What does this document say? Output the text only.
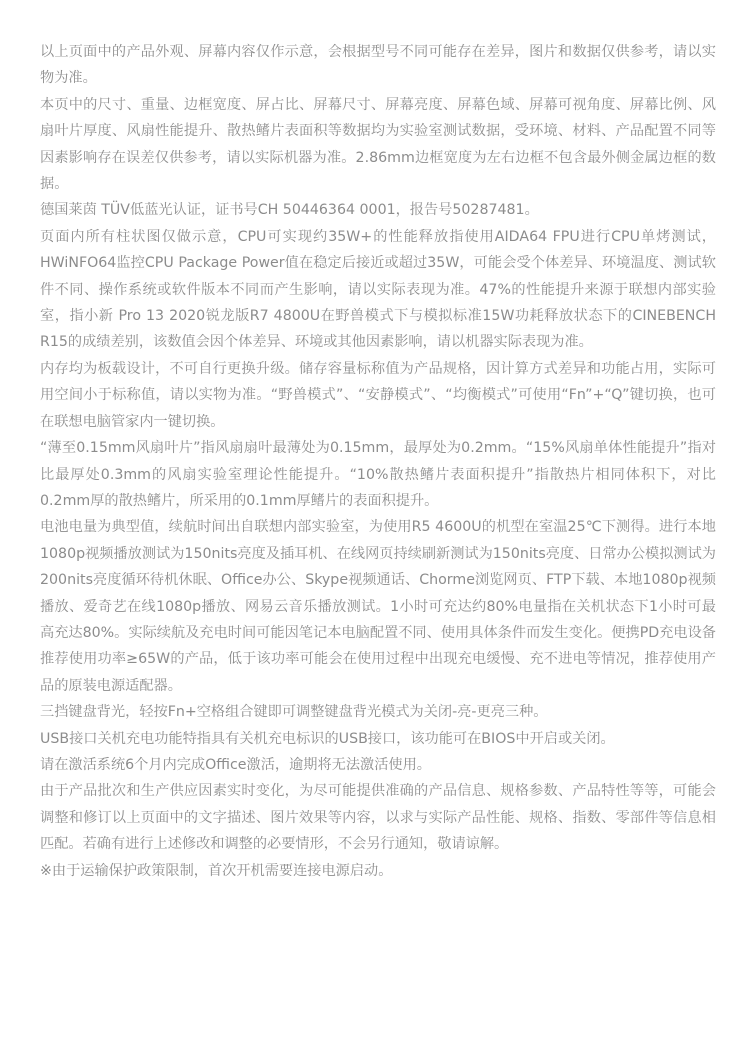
以上页面中的产品外观、屏幕内容仅作示意，会根据型号不同可能存在差异，图片和数据仅供参考，请以实物为准。

本页中的尺寸、重量、边框宽度、屏占比、屏幕尺寸、屏幕亮度、屏幕色域、屏幕可视角度、屏幕比例、风扇叶片厚度、风扇性能提升、散热鳍片表面积等数据均为实验室测试数据，受环境、材料、产品配置不同等因素影响存在误差仅供参考，请以实际机器为准。2.86mm边框宽度为左右边框不包含最外侧金属边框的数据。

德国莱茵 TÜV低蓝光认证，证书号CH 50446364 0001，报告号50287481。

页面内所有柱状图仅做示意，CPU可实现约35W+的性能释放指使用AIDA64 FPU进行CPU单烤测试，HWiNFO64监控CPU Package Power值在稳定后接近或超过35W，可能会受个体差异、环境温度、测试软件不同、操作系统或软件版本不同而产生影响，请以实际表现为准。47%的性能提升来源于联想内部实验室，指小新 Pro 13 2020锐龙版R7 4800U在野兽模式下与模拟标准15W功耗释放状态下的CINEBENCH R15的成绩差别，该数值会因个体差异、环境或其他因素影响，请以机器实际表现为准。

内存均为板载设计，不可自行更换升级。储存容量标称值为产品规格，因计算方式差异和功能占用，实际可用空间小于标称值，请以实物为准。“野兽模式”、“安静模式”、“均衡模式”可使用“Fn”+“Q”键切换，也可在联想电脑管家内一键切换。

“薄至0.15mm风扇叶片”指风扇扇叶最薄处为0.15mm，最厚处为0.2mm。“15%风扇单体性能提升”指对比最厚处0.3mm的风扇实验室理论性能提升。“10%散热鳍片表面积提升”指散热片相同体积下，对比0.2mm厚的散热鳍片，所采用的0.1mm厚鳍片的表面积提升。

电池电量为典型值，续航时间出自联想内部实验室，为使用R5 4600U的机型在室温25℃下测得。进行本地1080p视频播放测试为150nits亮度及插耳机、在线网页持续刷新测试为150nits亮度、日常办公模拟测试为200nits亮度循环待机休眠、Office办公、Skype视频通话、Chorme浏览网页、FTP下载、本地1080p视频播放、爱奇艺在线1080p播放、网易云音乐播放测试。1小时可充达约80%电量指在关机状态下1小时可最高充达80%。实际续航及充电时间可能因笔记本电脑配置不同、使用具体条件而发生变化。便携PD充电设备推荐使用功率≥65W的产品，低于该功率可能会在使用过程中出现充电缓慢、充不进电等情况，推荐使用产品的原装电源适配器。

三挡键盘背光，轻按Fn+空格组合键即可调整键盘背光模式为关闭-亮-更亮三种。

USB接口关机充电功能特指具有关机充电标识的USB接口，该功能可在BIOS中开启或关闭。

请在激活系统6个月内完成Office激活，逾期将无法激活使用。

由于产品批次和生产供应因素实时变化，为尽可能提供准确的产品信息、规格参数、产品特性等等，可能会调整和修订以上页面中的文字描述、图片效果等内容，以求与实际产品性能、规格、指数、零部件等信息相匹配。若确有进行上述修改和调整的必要情形，不会另行通知，敬请谅解。

※由于运输保护政策限制，首次开机需要连接电源启动。
